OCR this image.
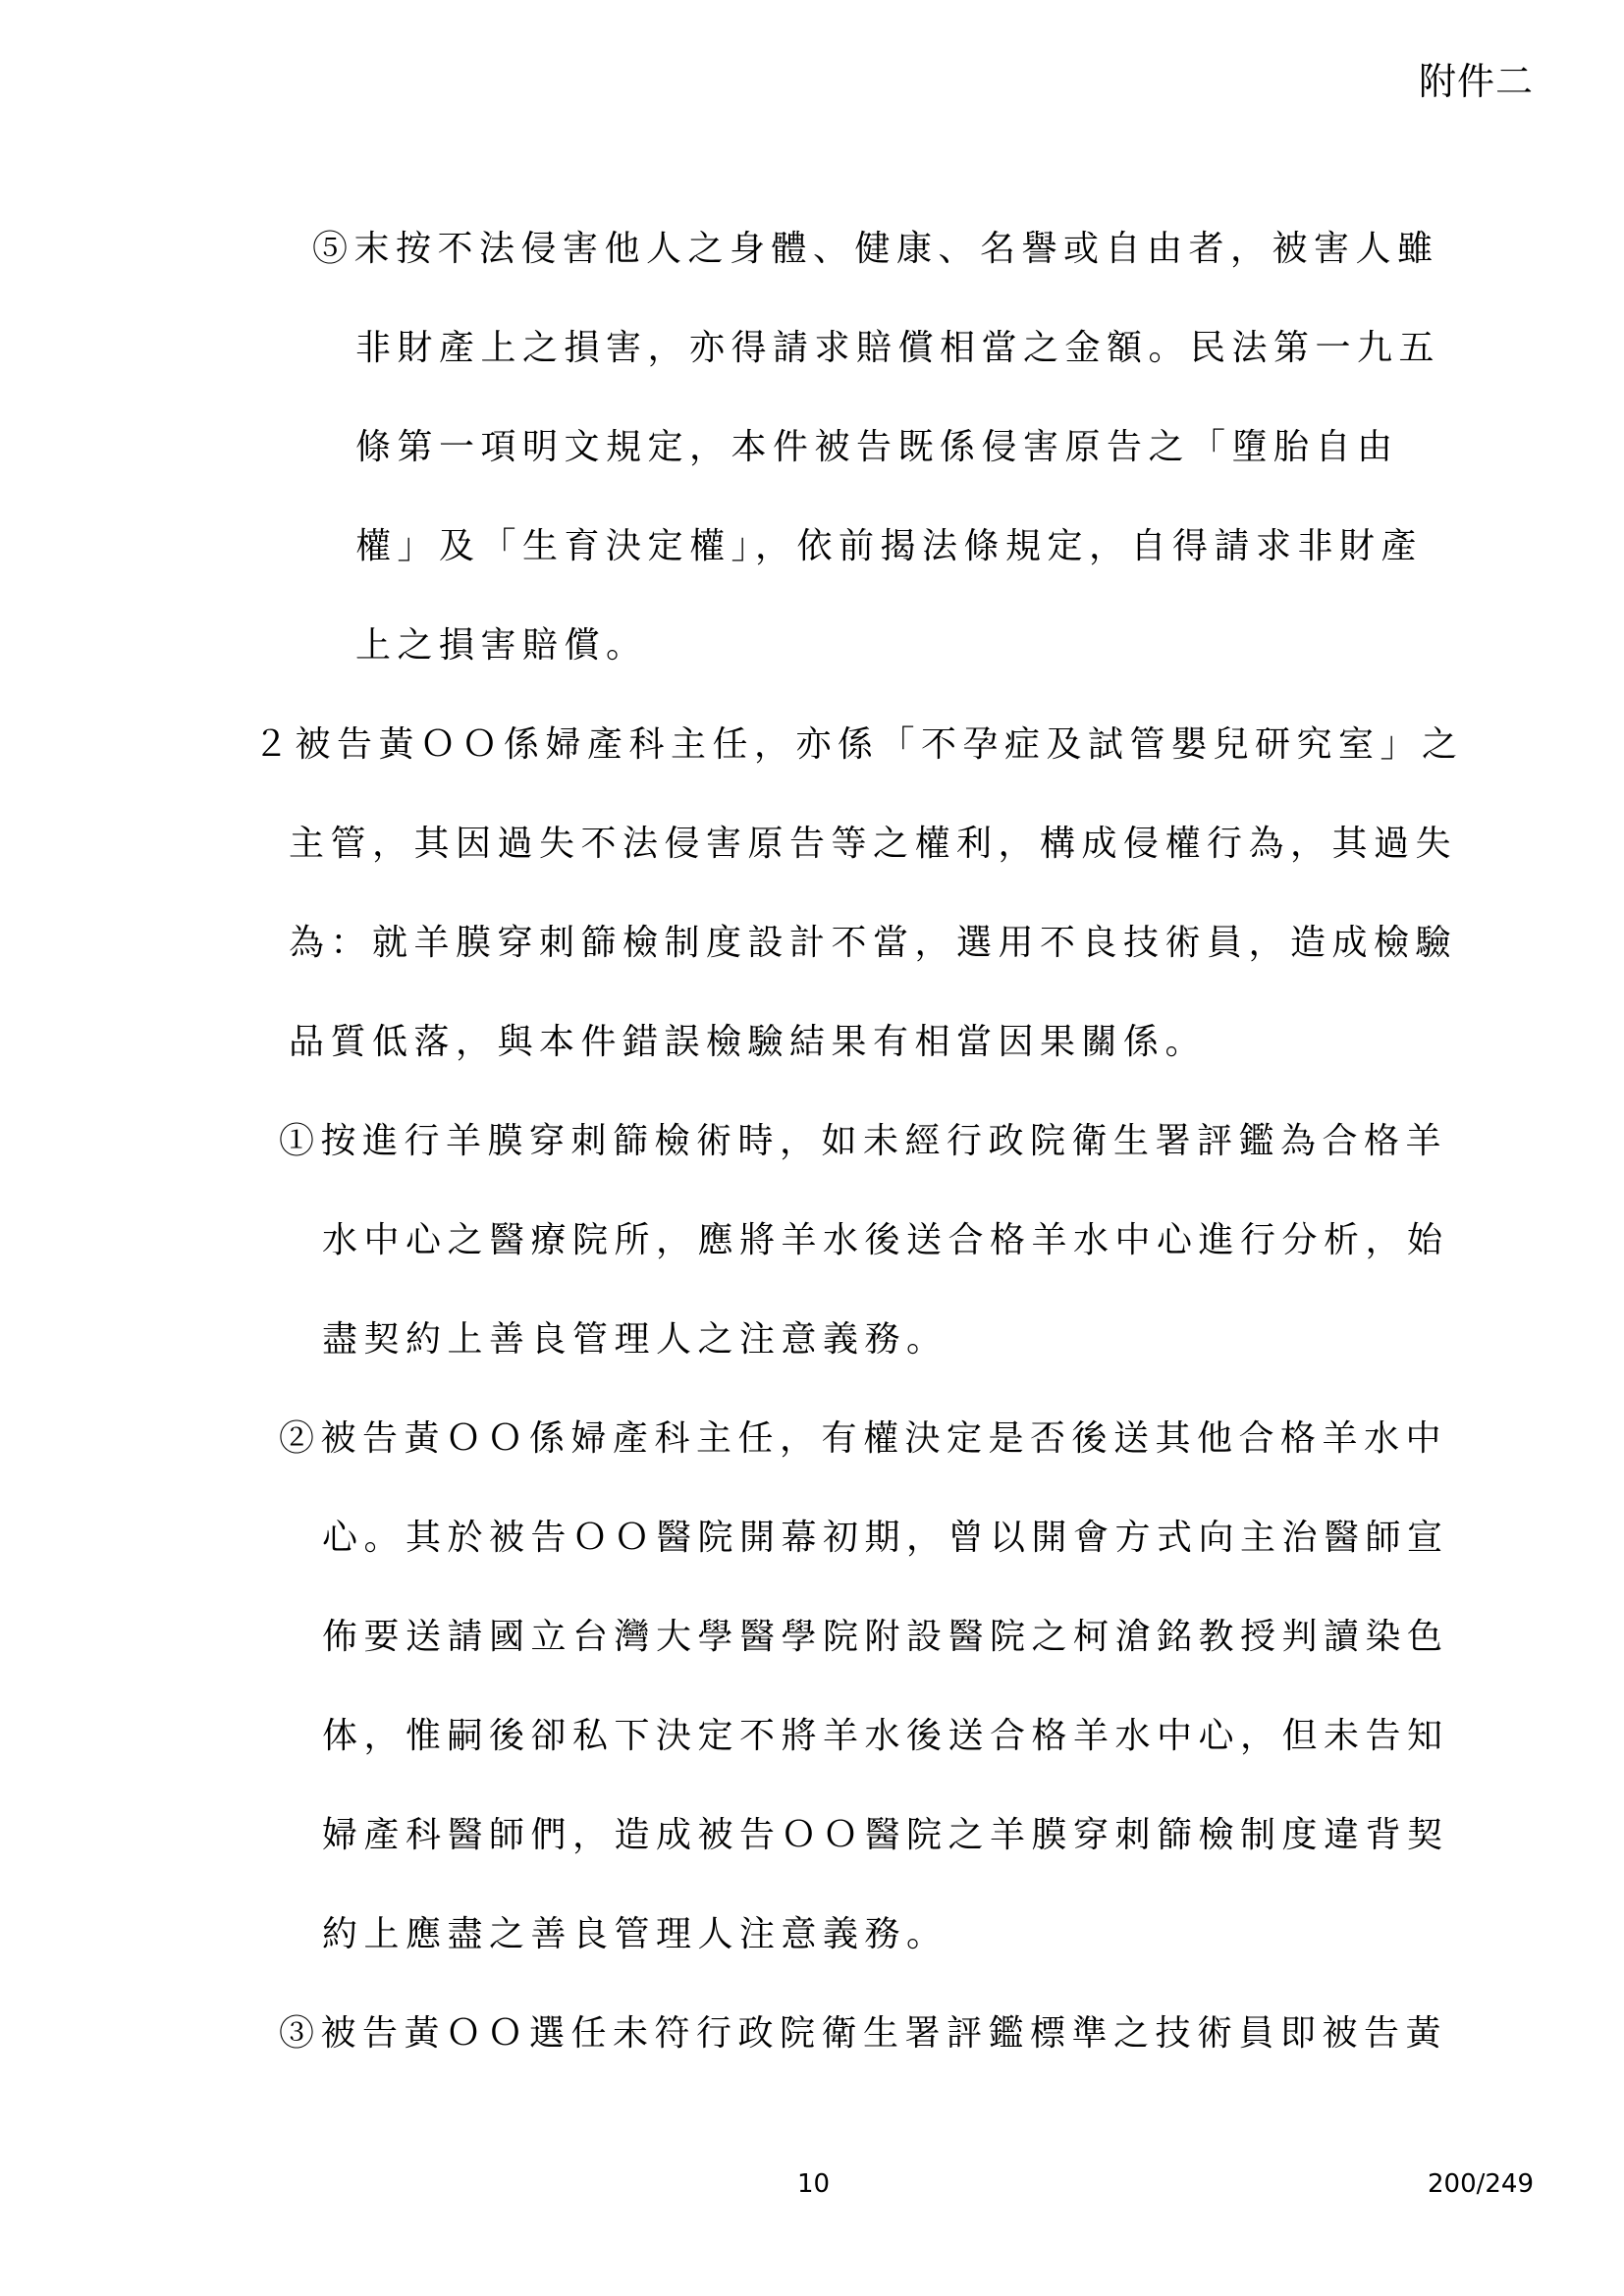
附件二
⑤末按不法侵害他人之身體、健康、名譽或自由者，被害人雖
非財產上之損害，亦得請求賠償相當之金額。民法第一九五
條第一項明文規定，本件被告既係侵害原告之「墮胎自由
權」及「生育決定權」，依前揭法條規定，自得請求非財產
上之損害賠償。
２被告黃ＯＯ係婦產科主任，亦係「不孕症及試管嬰兒研究室」之
主管，其因過失不法侵害原告等之權利，構成侵權行為，其過失
為：就羊膜穿刺篩檢制度設計不當，選用不良技術員，造成檢驗
品質低落，與本件錯誤檢驗結果有相當因果關係。
①按進行羊膜穿刺篩檢術時，如未經行政院衛生署評鑑為合格羊
水中心之醫療院所，應將羊水後送合格羊水中心進行分析，始
盡契約上善良管理人之注意義務。
②被告黃ＯＯ係婦產科主任，有權決定是否後送其他合格羊水中
心。其於被告ＯＯ醫院開幕初期，曾以開會方式向主治醫師宣
佈要送請國立台灣大學醫學院附設醫院之柯滄銘教授判讀染色
体，惟嗣後卻私下決定不將羊水後送合格羊水中心，但未告知
婦產科醫師們，造成被告ＯＯ醫院之羊膜穿刺篩檢制度違背契
約上應盡之善良管理人注意義務。
③被告黃ＯＯ選任未符行政院衛生署評鑑標準之技術員即被告黃
10	200/249
